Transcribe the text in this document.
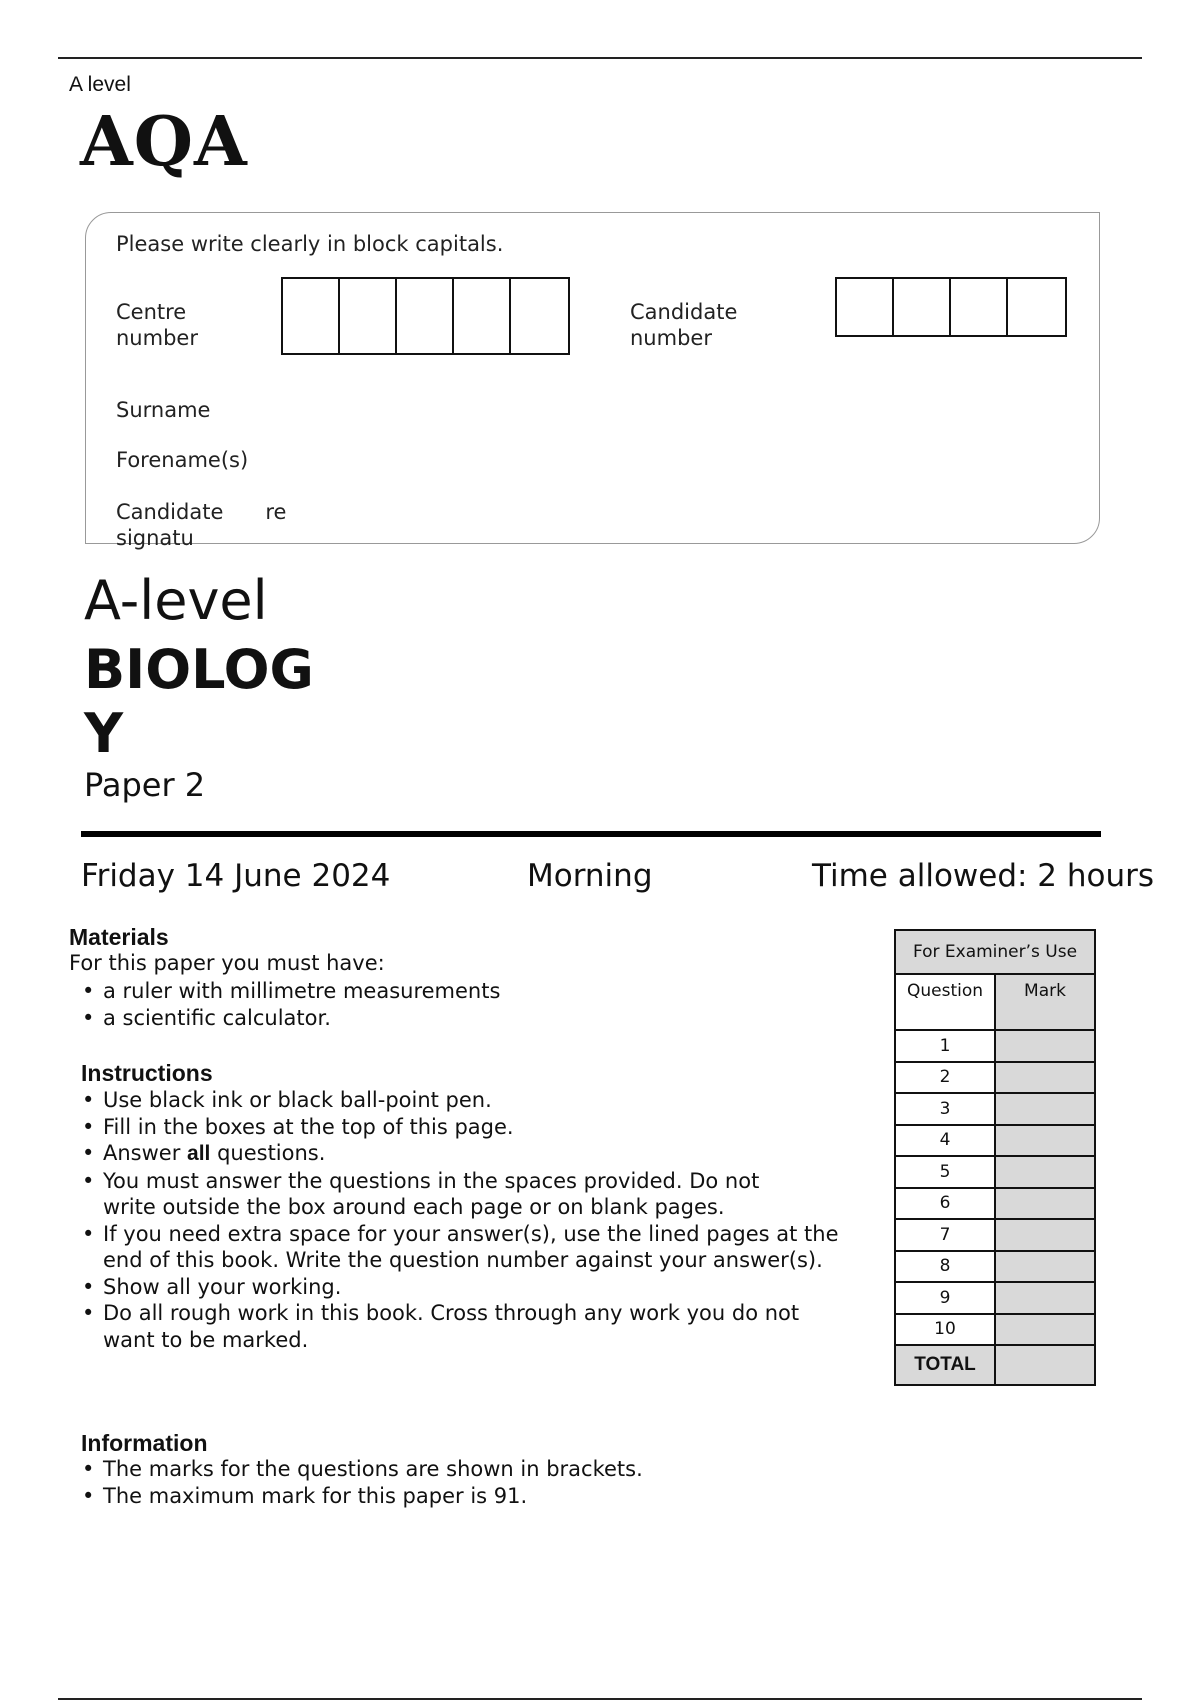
A level
AQA
Please write clearly in block capitals.
Centre
number
Candidate
number
Surname
Forename(s)
Candidate re
signatu
A-level
BIOLOGY
Paper 2
Friday 14 June 2024	Morning	Time allowed: 2 hours
Materials
For this paper you must have:
• a ruler with millimetre measurements
• a scientific calculator.
Instructions
• Use black ink or black ball-point pen.
• Fill in the boxes at the top of this page.
• Answer all questions.
• You must answer the questions in the spaces provided. Do not write outside the box around each page or on blank pages.
• If you need extra space for your answer(s), use the lined pages at the end of this book. Write the question number against your answer(s).
• Show all your working.
• Do all rough work in this book. Cross through any work you do not want to be marked.
Information
• The marks for the questions are shown in brackets.
• The maximum mark for this paper is 91.
For Examiner’s Use	
Question	Mark
1	
2	
3	
4	
5	
6	
7	
8	
9	
10	
TOTAL	
